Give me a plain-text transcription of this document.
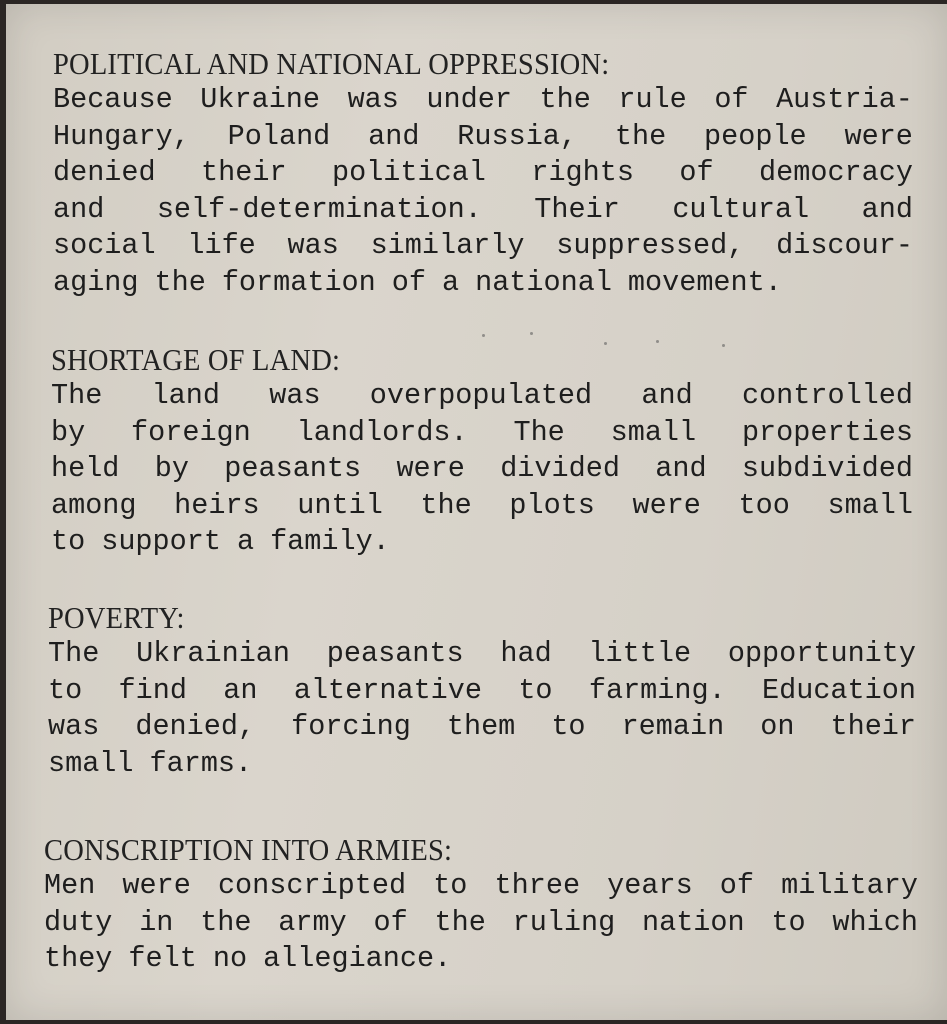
POLITICAL AND NATIONAL OPPRESSION:
Because Ukraine was under the rule of Austria-
Hungary, Poland and Russia, the people were
denied their political rights of democracy
and self-determination. Their cultural and
social life was similarly suppressed, discour-
aging the formation of a national movement.
SHORTAGE OF LAND:
The land was overpopulated and controlled
by foreign landlords. The small properties
held by peasants were divided and subdivided
among heirs until the plots were too small
to support a family.
POVERTY:
The Ukrainian peasants had little opportunity
to find an alternative to farming. Education
was denied, forcing them to remain on their
small farms.
CONSCRIPTION INTO ARMIES:
Men were conscripted to three years of military
duty in the army of the ruling nation to which
they felt no allegiance.
